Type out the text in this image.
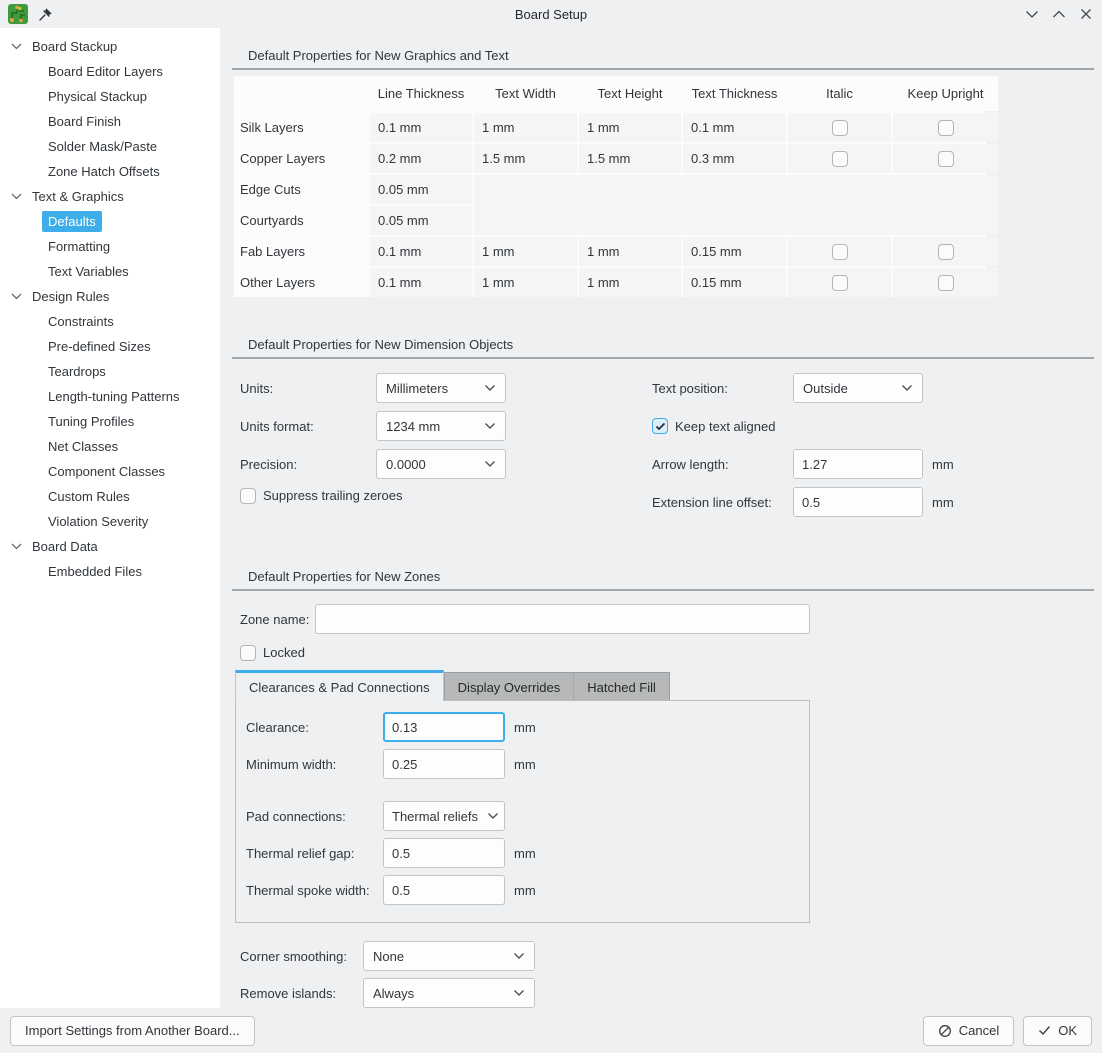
Board Setup
Board Stackup
Board Editor Layers
Physical Stackup
Board Finish
Solder Mask/Paste
Zone Hatch Offsets
Text & Graphics
Defaults
Formatting
Text Variables
Design Rules
Constraints
Pre-defined Sizes
Teardrops
Length-tuning Patterns
Tuning Profiles
Net Classes
Component Classes
Custom Rules
Violation Severity
Board Data
Embedded Files
Default Properties for New Graphics and Text
Line Thickness	Text Width	Text Height	Text Thickness	Italic	Keep Upright
Silk Layers	0.1 mm	1 mm	1 mm	0.1 mm
Copper Layers	0.2 mm	1.5 mm	1.5 mm	0.3 mm
Edge Cuts	0.05 mm
Courtyards	0.05 mm
Fab Layers	0.1 mm	1 mm	1 mm	0.15 mm
Other Layers	0.1 mm	1 mm	1 mm	0.15 mm
Default Properties for New Dimension Objects
Units:	Millimeters
Units format:	1234 mm
Precision:	0.0000
Suppress trailing zeroes
Text position:	Outside
Keep text aligned
Arrow length:
1.27	mm
Extension line offset:
0.5	mm
Default Properties for New Zones
Zone name:
Locked
Clearances & Pad Connections	Display Overrides	Hatched Fill
Clearance:
0.13	mm
Minimum width:
0.25	mm
Pad connections:	Thermal reliefs
Thermal relief gap:
0.5	mm
Thermal spoke width:
0.5	mm
Corner smoothing:	None
Remove islands:	Always
Import Settings from Another Board...	Cancel	OK
